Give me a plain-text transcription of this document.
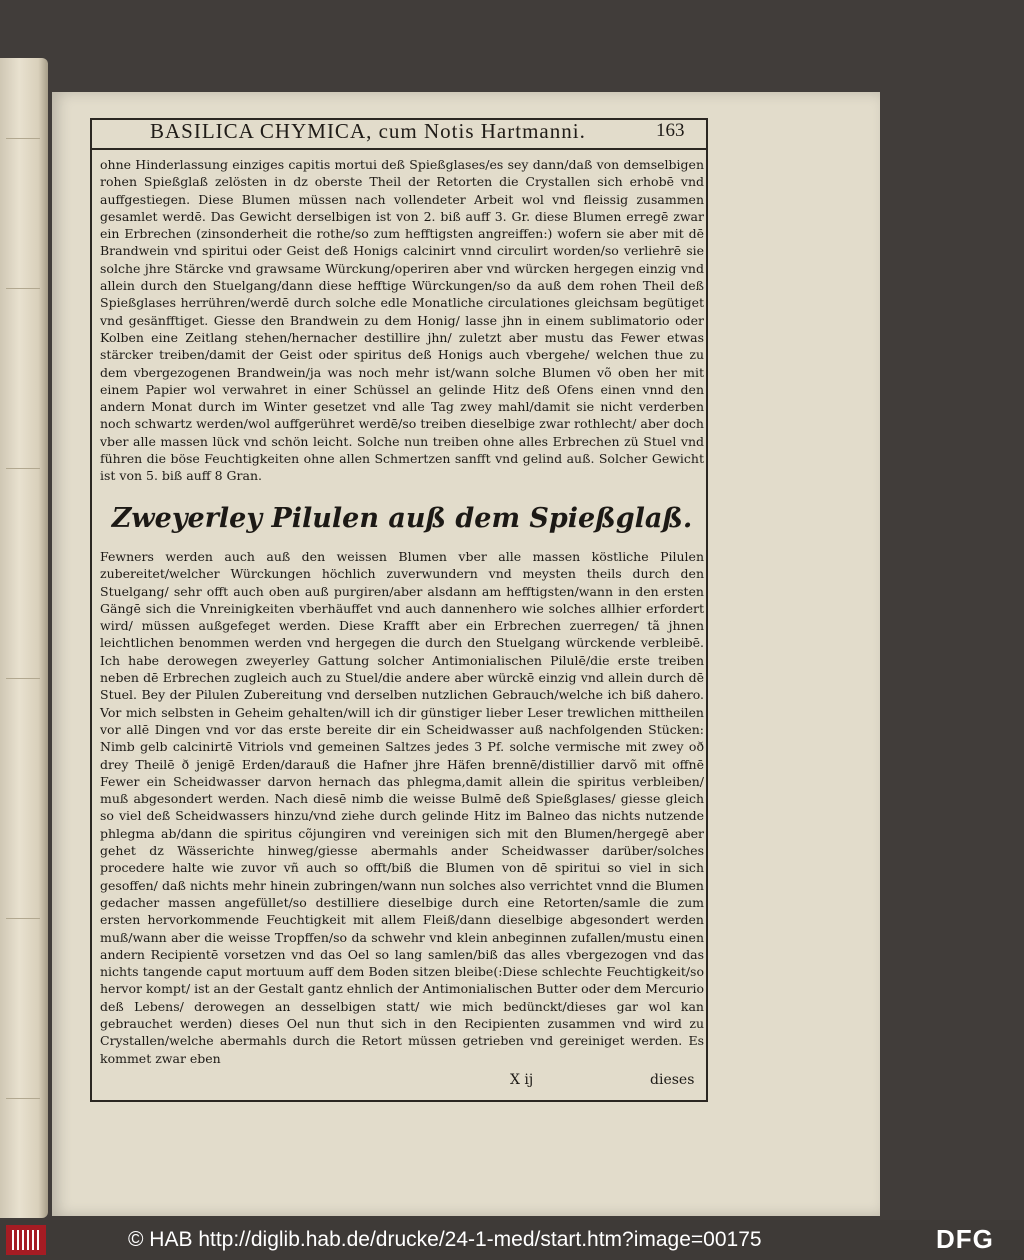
BASILICA CHYMICA, cum Notis Hartmanni.	163

ohne Hinderlassung einziges capitis mortui deß Spießglases/es sey dann/daß von demselbigen rohen Spießglaß zelösten in dz oberste Theil der Retorten die Crystallen sich erhobē vnd auffgestiegen. Diese Blumen müssen nach vollendeter Arbeit wol vnd fleissig zusammen gesamlet werdē. Das Gewicht derselbigen ist von 2. biß auff 3. Gr. diese Blumen erregē zwar ein Erbrechen (zinsonderheit die rothe/so zum hefftigsten angreiffen:) wofern sie aber mit dē Brandwein vnd spiritui oder Geist deß Honigs calcinirt vnnd circulirt worden/so verliehrē sie solche jhre Stärcke vnd grawsame Würckung/operiren aber vnd würcken hergegen einzig vnd allein durch den Stuelgang/dann diese hefftige Würckungen/so da auß dem rohen Theil deß Spießglases herrühren/werdē durch solche edle Monatliche circulationes gleichsam begütiget vnd gesänfftiget. Giesse den Brandwein zu dem Honig/ lasse jhn in einem sublimatorio oder Kolben eine Zeitlang stehen/hernacher destillire jhn/ zuletzt aber mustu das Fewer etwas stärcker treiben/damit der Geist oder spiritus deß Honigs auch vbergehe/ welchen thue zu dem vbergezogenen Brandwein/ja was noch mehr ist/wann solche Blumen võ oben her mit einem Papier wol verwahret in einer Schüssel an gelinde Hitz deß Ofens einen vnnd den andern Monat durch im Winter gesetzet vnd alle Tag zwey mahl/damit sie nicht verderben noch schwartz werden/wol auffgerühret werdē/so treiben dieselbige zwar rothlecht/ aber doch vber alle massen lück vnd schön leicht. Solche nun treiben ohne alles Erbrechen zü Stuel vnd führen die böse Feuchtigkeiten ohne allen Schmertzen sanfft vnd gelind auß. Solcher Gewicht ist von 5. biß auff 8 Gran.

Zweyerley Pilulen auß dem Spießglaß.

Fewners werden auch auß den weissen Blumen vber alle massen köstliche Pilulen zubereitet/welcher Würckungen höchlich zuverwundern vnd meysten theils durch den Stuelgang/ sehr offt auch oben auß purgiren/aber alsdann am hefftigsten/wann in den ersten Gängē sich die Vnreinigkeiten vberhäuffet vnd auch dannenhero wie solches allhier erfordert wird/ müssen außgefeget werden. Diese Krafft aber ein Erbrechen zuerregen/ tã jhnen leichtlichen benommen werden vnd hergegen die durch den Stuelgang würckende verbleibē. Ich habe derowegen zweyerley Gattung solcher Antimonialischen Pilulē/die erste treiben neben dē Erbrechen zugleich auch zu Stuel/die andere aber würckē einzig vnd allein durch dē Stuel. Bey der Pilulen Zubereitung vnd derselben nutzlichen Gebrauch/welche ich biß dahero. Vor mich selbsten in Geheim gehalten/will ich dir günstiger lieber Leser trewlichen mittheilen vor allē Dingen vnd vor das erste bereite dir ein Scheidwasser auß nachfolgenden Stücken: Nimb gelb calcinirtē Vitriols vnd gemeinen Saltzes jedes 3 Pf. solche vermische mit zwey oð drey Theilē ð jenigē Erden/darauß die Hafner jhre Häfen brennē/distillier darvõ mit offnē Fewer ein Scheidwasser darvon hernach das phlegma,damit allein die spiritus verbleiben/ muß abgesondert werden. Nach diesē nimb die weisse Bulmē deß Spießglases/ giesse gleich so viel deß Scheidwassers hinzu/vnd ziehe durch gelinde Hitz im Balneo das nichts nutzende phlegma ab/dann die spiritus cõjungiren vnd vereinigen sich mit den Blumen/hergegē aber gehet dz Wässerichte hinweg/giesse abermahls ander Scheidwasser darüber/solches procedere halte wie zuvor vñ auch so offt/biß die Blumen von dē spiritui so viel in sich gesoffen/ daß nichts mehr hinein zubringen/wann nun solches also verrichtet vnnd die Blumen gedacher massen angefüllet/so destilliere dieselbige durch eine Retorten/samle die zum ersten hervorkommende Feuchtigkeit mit allem Fleiß/dann dieselbige abgesondert werden muß/wann aber die weisse Tropffen/so da schwehr vnd klein anbeginnen zufallen/mustu einen andern Recipientē vorsetzen vnd das Oel so lang samlen/biß das alles vbergezogen vnd das nichts tangende caput mortuum auff dem Boden sitzen bleibe(:Diese schlechte Feuchtigkeit/so hervor kompt/ ist an der Gestalt gantz ehnlich der Antimonialischen Butter oder dem Mercurio deß Lebens/ derowegen an desselbigen statt/ wie mich bedünckt/dieses gar wol kan gebrauchet werden) dieses Oel nun thut sich in den Recipienten zusammen vnd wird zu Crystallen/welche abermahls durch die Retort müssen getrieben vnd gereiniget werden. Es kommet zwar eben

X ij	dieses
© HAB http://diglib.hab.de/drucke/24-1-med/start.htm?image=00175	DFG
